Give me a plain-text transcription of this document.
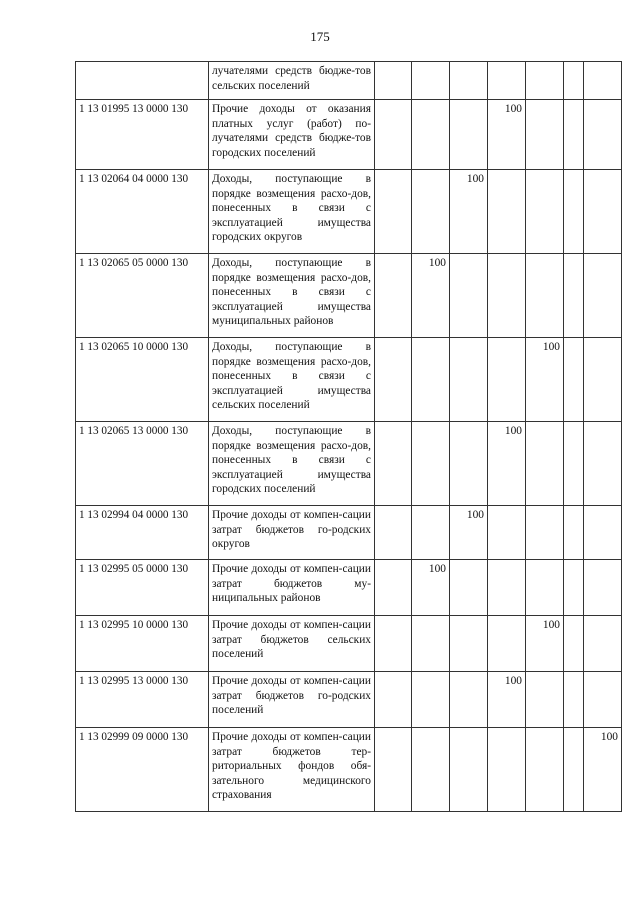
175
	лучателями средств бюдже-тов сельских поселений							
1 13 01995 13 0000 130	Прочие доходы от оказания платных услуг (работ) по-лучателями средств бюдже-тов городских поселений				100			
1 13 02064 04 0000 130	Доходы, поступающие в порядке возмещения расхо-дов, понесенных в связи с эксплуатацией имущества городских округов			100				
1 13 02065 05 0000 130	Доходы, поступающие в порядке возмещения расхо-дов, понесенных в связи с эксплуатацией имущества муниципальных районов		100					
1 13 02065 10 0000 130	Доходы, поступающие в порядке возмещения расхо-дов, понесенных в связи с эксплуатацией имущества сельских поселений					100		
1 13 02065 13 0000 130	Доходы, поступающие в порядке возмещения расхо-дов, понесенных в связи с эксплуатацией имущества городских поселений				100			
1 13 02994 04 0000 130	Прочие доходы от компен-сации затрат бюджетов го-родских округов			100				
1 13 02995 05 0000 130	Прочие доходы от компен-сации затрат бюджетов му-ниципальных районов		100					
1 13 02995 10 0000 130	Прочие доходы от компен-сации затрат бюджетов сельских поселений					100		
1 13 02995 13 0000 130	Прочие доходы от компен-сации затрат бюджетов го-родских поселений				100			
1 13 02999 09 0000 130	Прочие доходы от компен-сации затрат бюджетов тер-риториальных фондов обя-зательного медицинского страхования							100
